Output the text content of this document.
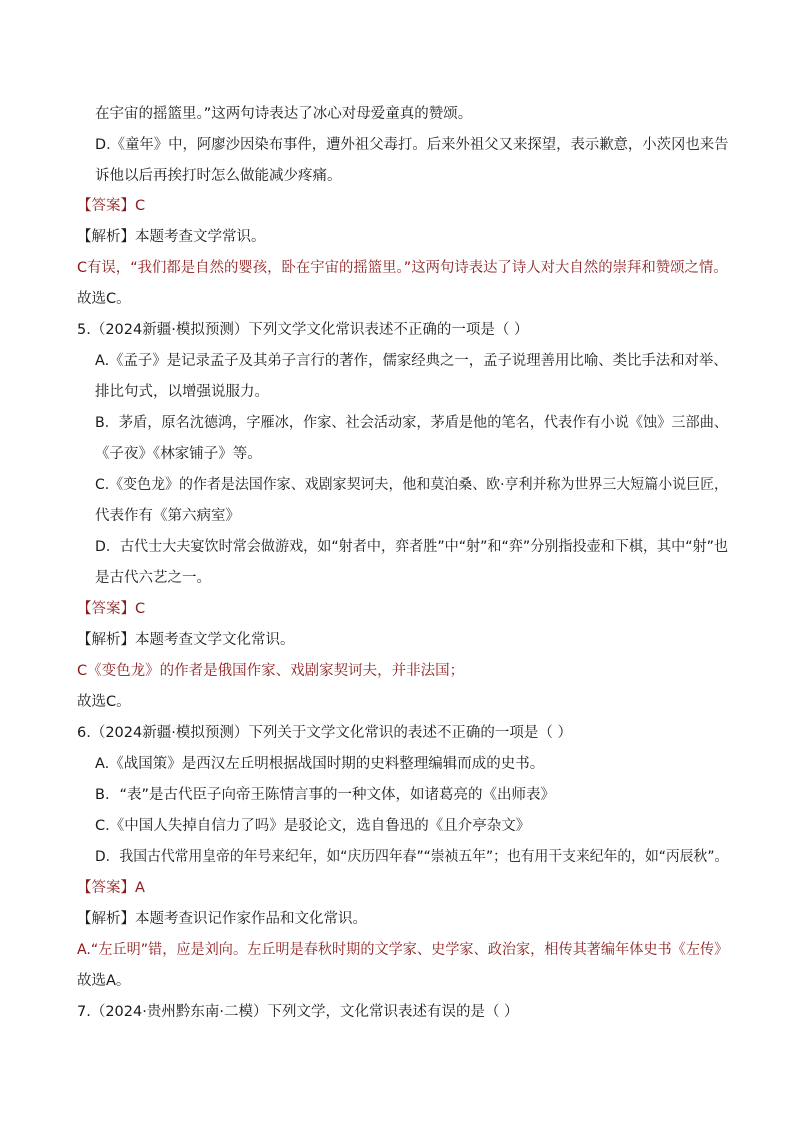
在宇宙的摇篮里。”这两句诗表达了冰心对母爱童真的赞颂。
D.《童年》中，阿廖沙因染布事件，遭外祖父毒打。后来外祖父又来探望，表示歉意，小茨冈也来告
诉他以后再挨打时怎么做能减少疼痛。
【答案】C
【解析】本题考查文学常识。
C有误，“我们都是自然的婴孩，卧在宇宙的摇篮里。”这两句诗表达了诗人对大自然的崇拜和赞颂之情。
故选C。
5.（2024新疆·模拟预测）下列文学文化常识表述不正确的一项是（ ）
A.《孟子》是记录孟子及其弟子言行的著作，儒家经典之一，孟子说理善用比喻、类比手法和对举、
排比句式，以增强说服力。
B．茅盾，原名沈德鸿，字雁冰，作家、社会活动家，茅盾是他的笔名，代表作有小说《蚀》三部曲、
《子夜》《林家铺子》等。
C.《变色龙》的作者是法国作家、戏剧家契诃夫，他和莫泊桑、欧·亨利并称为世界三大短篇小说巨匠，
代表作有《第六病室》
D．古代士大夫宴饮时常会做游戏，如“射者中，弈者胜”中“射”和“弈”分别指投壶和下棋，其中“射”也
是古代六艺之一。
【答案】C
【解析】本题考查文学文化常识。
C《变色龙》的作者是俄国作家、戏剧家契诃夫，并非法国；
故选C。
6.（2024新疆·模拟预测）下列关于文学文化常识的表述不正确的一项是（ ）
A.《战国策》是西汉左丘明根据战国时期的史料整理编辑而成的史书。
B．“表”是古代臣子向帝王陈情言事的一种文体，如诸葛亮的《出师表》
C.《中国人失掉自信力了吗》是驳论文，选自鲁迅的《且介亭杂文》
D．我国古代常用皇帝的年号来纪年，如“庆历四年春”“崇祯五年”；也有用干支来纪年的，如“丙辰秋”。
【答案】A
【解析】本题考查识记作家作品和文化常识。
A.“左丘明”错，应是刘向。左丘明是春秋时期的文学家、史学家、政治家，相传其著编年体史书《左传》
故选A。
7.（2024·贵州黔东南·二模）下列文学，文化常识表述有误的是（ ）
